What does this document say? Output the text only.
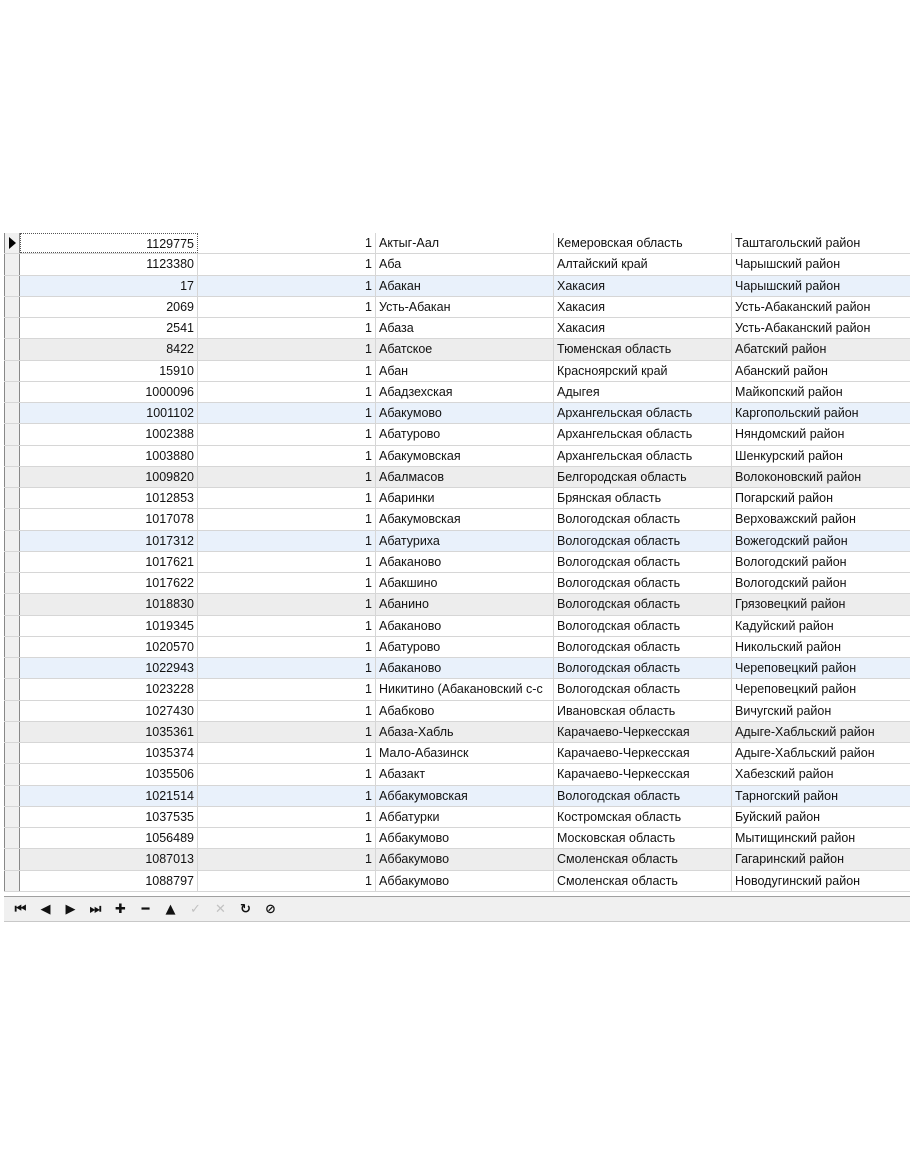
1129775	1 Актыг-Аал	Кемеровская область	Таштагольский район
1123380	1 Аба	Алтайский край	Чарышский район
17	1 Абакан	Хакасия	Чарышский район
2069	1 Усть-Абакан	Хакасия	Усть-Абаканский район
2541	1 Абаза	Хакасия	Усть-Абаканский район
8422	1 Абатское	Тюменская область	Абатский район
15910	1 Абан	Красноярский край	Абанский район
1000096	1 Абадзехская	Адыгея	Майкопский район
1001102	1 Абакумово	Архангельская область	Каргопольский район
1002388	1 Абатурово	Архангельская область	Няндомский район
1003880	1 Абакумовская	Архангельская область	Шенкурский район
1009820	1 Абалмасов	Белгородская область	Волоконовский район
1012853	1 Абаринки	Брянская область	Погарский район
1017078	1 Абакумовская	Вологодская область	Верховажский район
1017312	1 Абатуриха	Вологодская область	Вожегодский район
1017621	1 Абаканово	Вологодская область	Вологодский район
1017622	1 Абакшино	Вологодская область	Вологодский район
1018830	1 Абанино	Вологодская область	Грязовецкий район
1019345	1 Абаканово	Вологодская область	Кадуйский район
1020570	1 Абатурово	Вологодская область	Никольский район
1022943	1 Абаканово	Вологодская область	Череповецкий район
1023228	1 Никитино (Абакановский с-с	Вологодская область	Череповецкий район
1027430	1 Абабково	Ивановская область	Вичугский район
1035361	1 Абаза-Хабль	Карачаево-Черкесская	Адыге-Хабльский район
1035374	1 Мало-Абазинск	Карачаево-Черкесская	Адыге-Хабльский район
1035506	1 Абазакт	Карачаево-Черкесская	Хабезский район
1021514	1 Аббакумовская	Вологодская область	Тарногский район
1037535	1 Аббатурки	Костромская область	Буйский район
1056489	1 Аббакумово	Московская область	Мытищинский район
1087013	1 Аббакумово	Смоленская область	Гагаринский район
1088797	1 Аббакумово	Смоленская область	Новодугинский район
⏮ ◀ ▶ ⏭ ✚ ━ ▲ ✓ ✕ ↻ ⊘
